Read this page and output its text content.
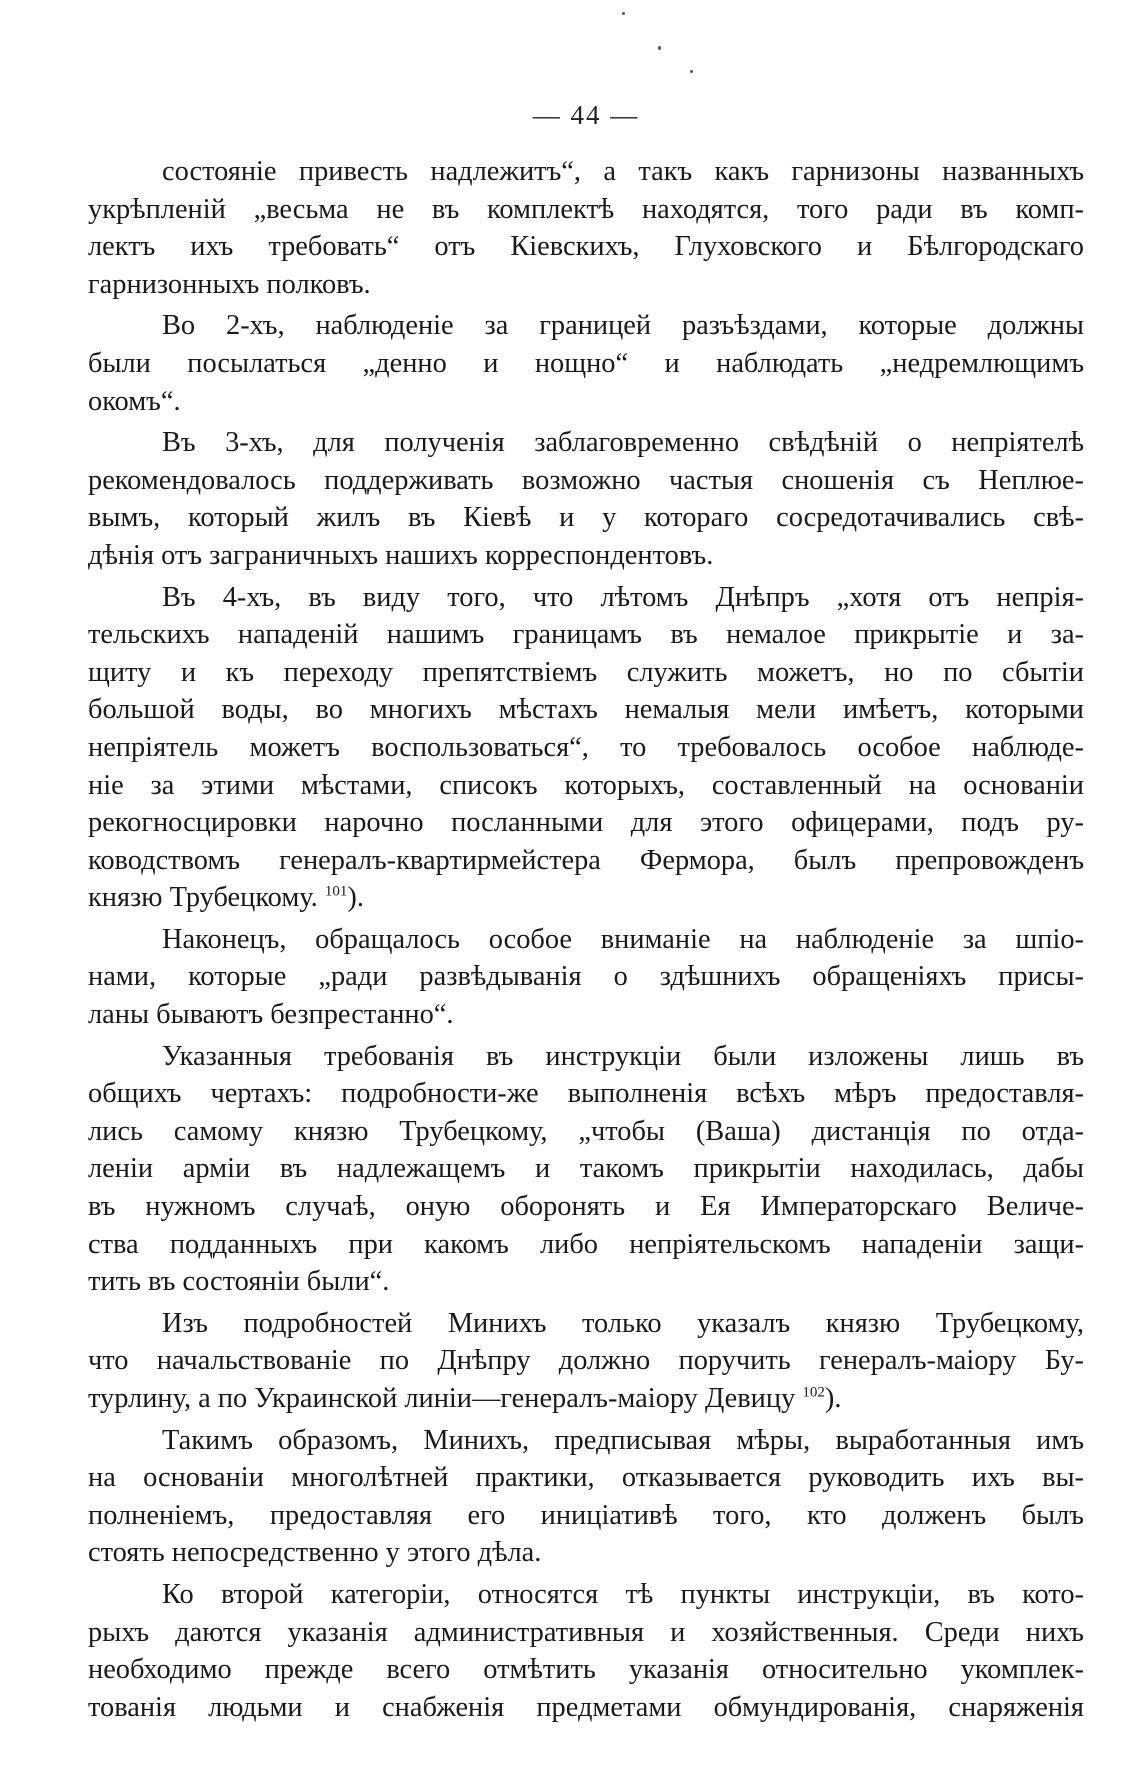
— 44 —
состояніе привесть надлежитъ“, а такъ какъ гарнизоны названныхъ
укрѣпленій „весьма не въ комплектѣ находятся, того ради въ комп-
лектъ ихъ требовать“ отъ Кіевскихъ, Глуховского и Бѣлгородскаго
гарнизонныхъ полковъ.
Во 2-хъ, наблюденіе за границей разъѣздами, которые должны
были посылаться „денно и нощно“ и наблюдать „недремлющимъ
окомъ“.
Въ 3-хъ, для полученія заблаговременно свѣдѣній о непріятелѣ
рекомендовалось поддерживать возможно частыя сношенія съ Неплюе-
вымъ, который жилъ въ Кіевѣ и у котораго сосредотачивались свѣ-
дѣнія отъ заграничныхъ нашихъ корреспондентовъ.
Въ 4-хъ, въ виду того, что лѣтомъ Днѣпръ „хотя отъ непрія-
тельскихъ нападеній нашимъ границамъ въ немалое прикрытіе и за-
щиту и къ переходу препятствіемъ служить можетъ, но по сбытіи
большой воды, во многихъ мѣстахъ немалыя мели имѣетъ, которыми
непріятель можетъ воспользоваться“, то требовалось особое наблюде-
ніе за этими мѣстами, списокъ которыхъ, составленный на основаніи
рекогносцировки нарочно посланными для этого офицерами, подъ ру-
ководствомъ генералъ-квартирмейстера Фермора, былъ препровожденъ
князю Трубецкому. $^{101}$).
Наконецъ, обращалось особое вниманіе на наблюденіе за шпіо-
нами, которые „ради развѣдыванія о здѣшнихъ обращеніяхъ присы-
ланы бываютъ безпрестанно“.
Указанныя требованія въ инструкціи были изложены лишь въ
общихъ чертахъ: подробности-же выполненія всѣхъ мѣръ предоставля-
лись самому князю Трубецкому, „чтобы (Ваша) дистанція по отда-
леніи арміи въ надлежащемъ и такомъ прикрытіи находилась, дабы
въ нужномъ случаѣ, оную оборонять и Ея Императорскаго Величе-
ства подданныхъ при какомъ либо непріятельскомъ нападеніи защи-
тить въ состояніи были“.
Изъ подробностей Минихъ только указалъ князю Трубецкому,
что начальствованіе по Днѣпру должно поручить генералъ-маіору Бу-
турлину, а по Украинской линіи—генералъ-маіору Девицу $^{102}$).
Такимъ образомъ, Минихъ, предписывая мѣры, выработанныя имъ
на основаніи многолѣтней практики, отказывается руководить ихъ вы-
полненіемъ, предоставляя его иниціативѣ того, кто долженъ былъ
стоять непосредственно у этого дѣла.
Ко второй категоріи, относятся тѣ пункты инструкціи, въ кото-
рыхъ даются указанія административныя и хозяйственныя. Среди нихъ
необходимо прежде всего отмѣтить указанія относительно укомплек-
тованія людьми и снабженія предметами обмундированія, снаряженія
